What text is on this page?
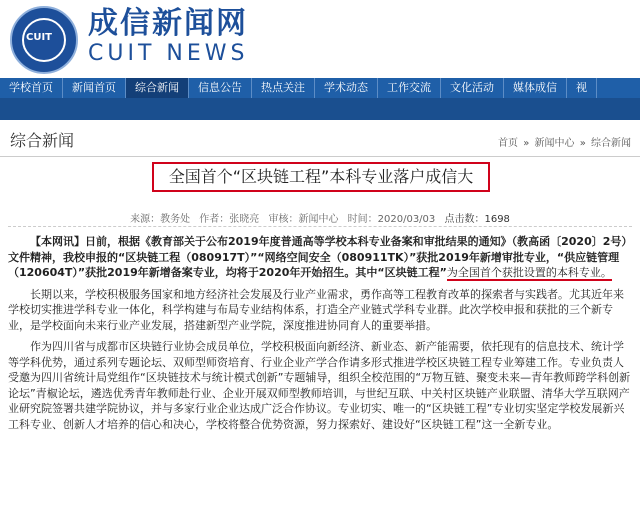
CUIT 成信新闻网
CUIT NEWS
学校首页	新闻首页	综合新闻	信息公告	热点关注	学术动态	工作交流	文化活动	媒体成信	视
综合新闻	首页 » 新闻中心 » 综合新闻
全国首个“区块链工程”本科专业落户成信大
来源：教务处 作者：张晓亮 审核：新闻中心 时间：2020/03/03 点击数：1698

【本网讯】日前，根据《教育部关于公布2019年度普通高等学校本科专业备案和审批结果的通知》（教高函〔2020〕2号）文件精神，我校申报的“区块链工程（080917T）”“网络空间安全（080911TK）”获批2019年新增审批专业，“供应链管理（120604T）”获批2019年新增备案专业，均将于2020年开始招生。其中“区块链工程”为全国首个获批设置的本科专业。

长期以来，学校积极服务国家和地方经济社会发展及行业产业需求，勇作高等工程教育改革的探索者与实践者。尤其近年来学校切实推进学科专业一体化，科学构建与布局专业结构体系，打造全产业链式学科专业群。此次学校申报和获批的三个新专业，是学校面向未来行业产业发展，搭建新型产业学院，深度推进协同育人的重要举措。

作为四川省与成都市区块链行业协会成员单位，学校积极面向新经济、新业态、新产能需要，依托现有的信息技术、统计学等学科优势，通过系列专题论坛、双师型师资培育、行业企业产学合作请多形式推进学校区块链工程专业筹建工作。专业负责人受邀为四川省统计局党组作“区块链技术与统计模式创新”专题辅导，组织全校范围的“万物互链、聚变未来—青年教师跨学科创新论坛”青椒论坛，遴选优秀青年教师赴行业、企业开展双师型教师培训，与世纪互联、中关村区块链产业联盟、清华大学互联网产业研究院签署共建学院协议，并与多家行业企业达成广泛合作协议。专业切实、唯一的“区块链工程”专业切实坚定学校发展新兴工科专业、创新人才培养的信心和决心，学校将整合优势资源，努力探索好、建设好“区块链工程”这一全新专业。
